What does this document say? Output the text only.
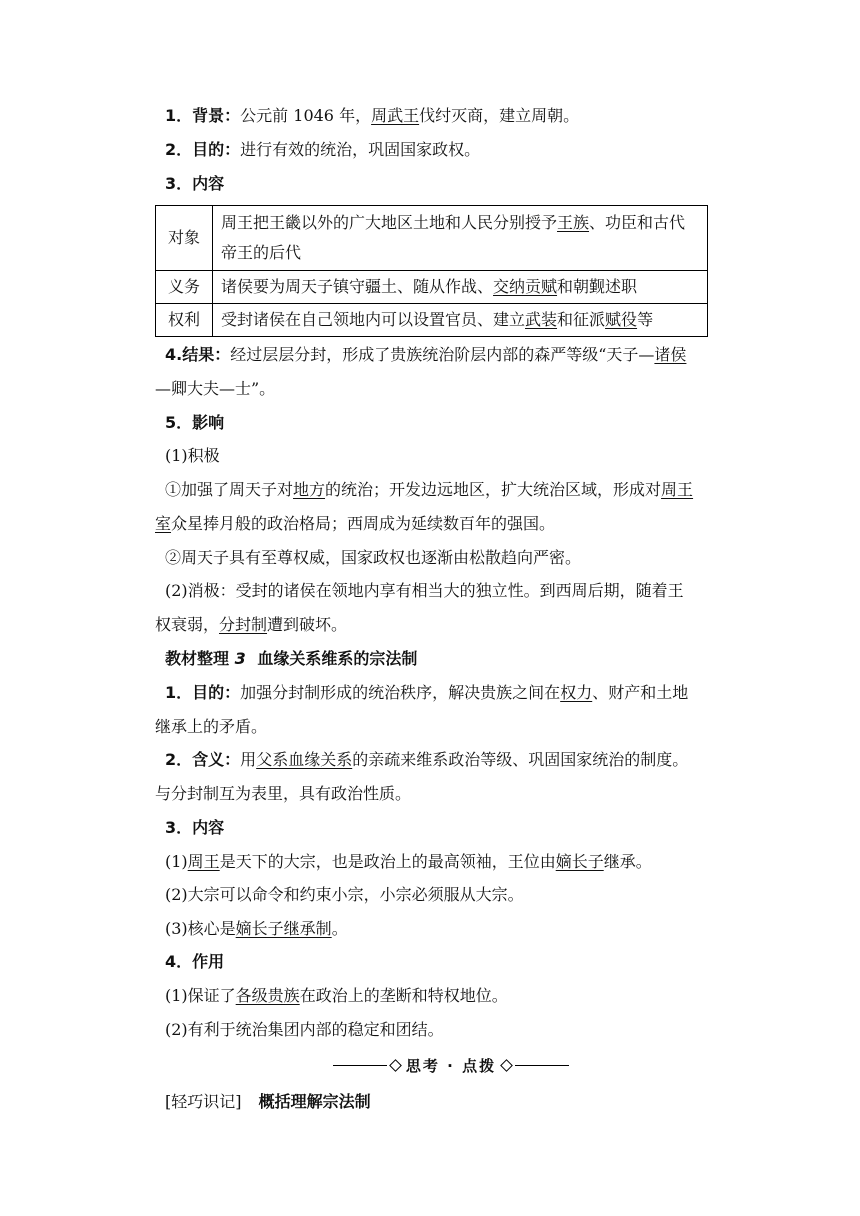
1．背景：公元前 1046 年，周武王伐纣灭商，建立周朝。
2．目的：进行有效的统治，巩固国家政权。
3．内容
对象	周王把王畿以外的广大地区土地和人民分别授予王族、功臣和古代帝王的后代
义务	诸侯要为周天子镇守疆土、随从作战、交纳贡赋和朝觐述职
权利	受封诸侯在自己领地内可以设置官员、建立武装和征派赋役等
4.结果：经过层层分封，形成了贵族统治阶层内部的森严等级“天子—诸侯
—卿大夫—士”。
5．影响
(1)积极
①加强了周天子对地方的统治；开发边远地区，扩大统治区域，形成对周王
室众星捧月般的政治格局；西周成为延续数百年的强国。
②周天子具有至尊权威，国家政权也逐渐由松散趋向严密。
(2)消极：受封的诸侯在领地内享有相当大的独立性。到西周后期，随着王
权衰弱，分封制遭到破坏。
教材整理 3 血缘关系维系的宗法制
1．目的：加强分封制形成的统治秩序，解决贵族之间在权力、财产和土地
继承上的矛盾。
2．含义：用父系血缘关系的亲疏来维系政治等级、巩固国家统治的制度。
与分封制互为表里，具有政治性质。
3．内容
(1)周王是天下的大宗，也是政治上的最高领袖，王位由嫡长子继承。
(2)大宗可以命令和约束小宗，小宗必须服从大宗。
(3)核心是嫡长子继承制。
4．作用
(1)保证了各级贵族在政治上的垄断和特权地位。
(2)有利于统治集团内部的稳定和团结。
思考 · 点拨
[轻巧识记] 概括理解宗法制
